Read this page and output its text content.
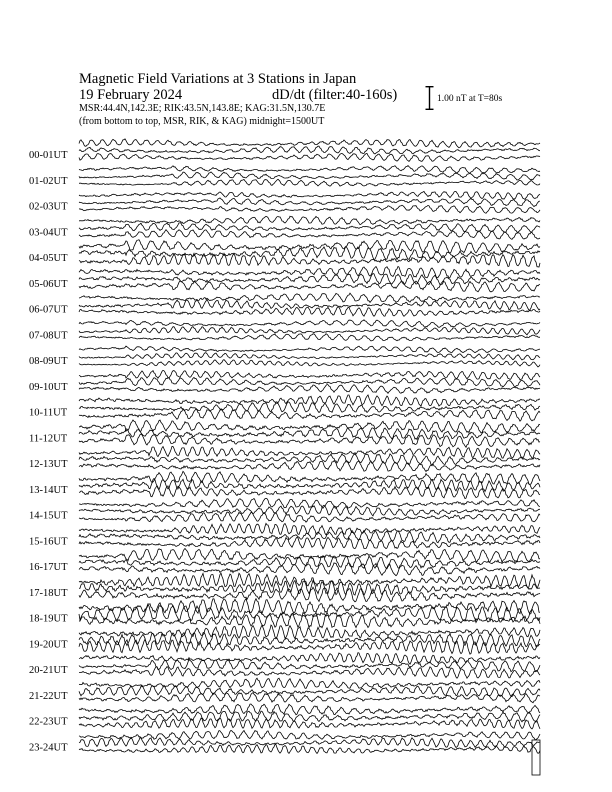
Magnetic Field Variations at 3 Stations in Japan
19 February 2024	dD/dt (filter:40-160s)
MSR:44.4N,142.3E; RIK:43.5N,143.8E; KAG:31.5N,130.7E
(from bottom to top, MSR, RIK, & KAG) midnight=1500UT
1.00 nT at T=80s
00-01UT
01-02UT
02-03UT
03-04UT
04-05UT
05-06UT
06-07UT
07-08UT
08-09UT
09-10UT
10-11UT
11-12UT
12-13UT
13-14UT
14-15UT
15-16UT
16-17UT
17-18UT
18-19UT
19-20UT
20-21UT
21-22UT
22-23UT
23-24UT
